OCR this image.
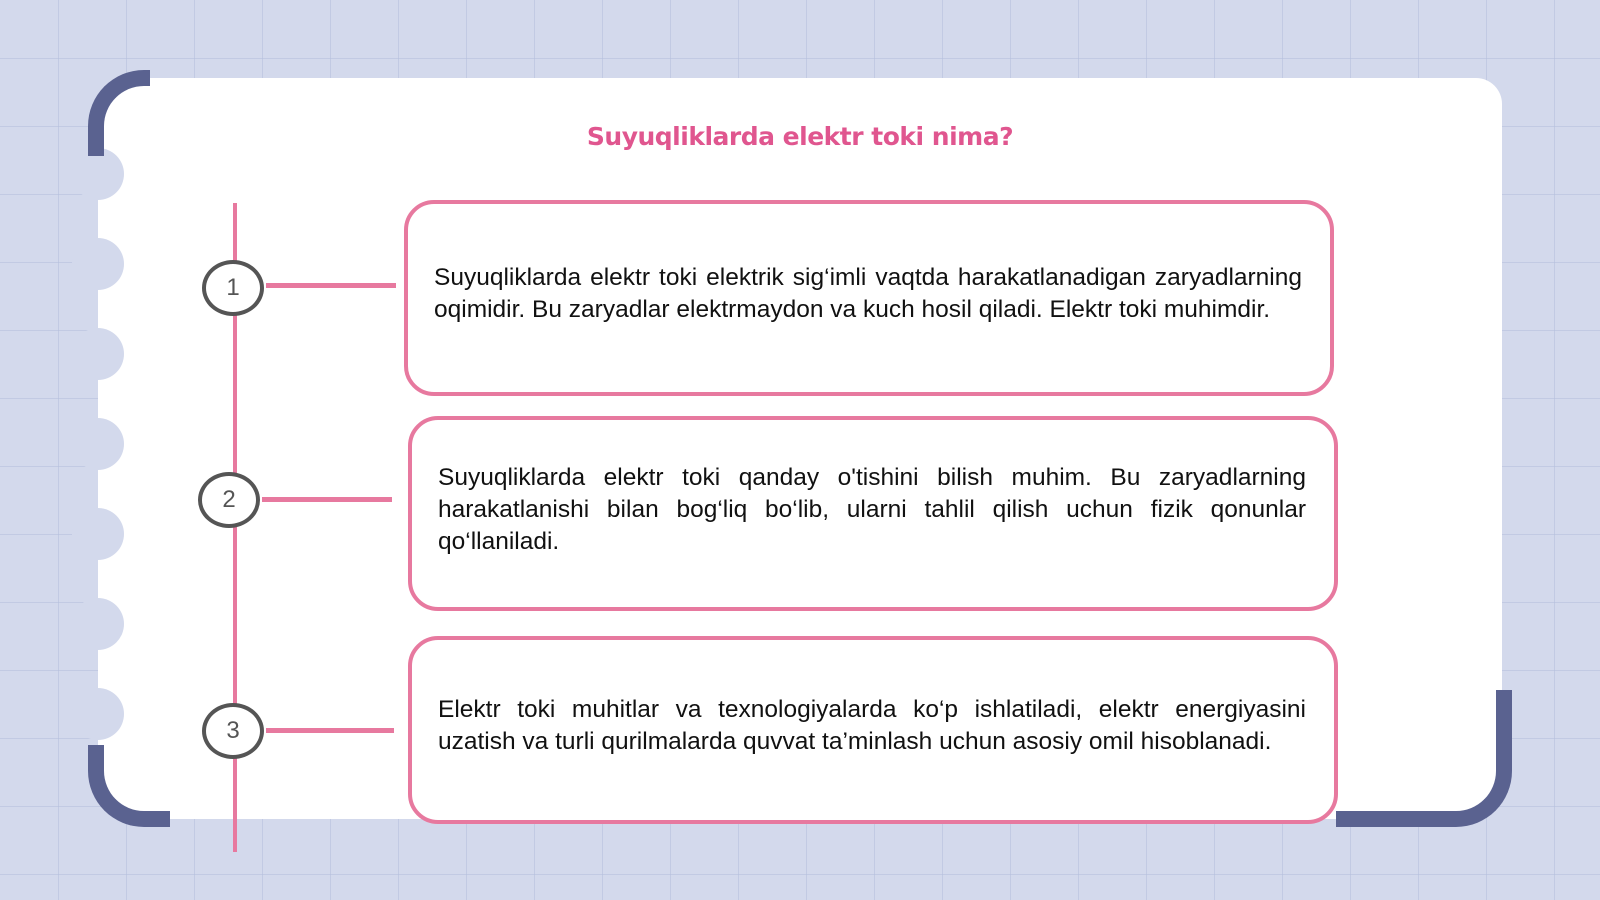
Suyuqliklarda elektr toki nima?
1	Suyuqliklarda elektr toki elektrik sig‘imli vaqtda harakatlanadigan zaryadlarning oqimidir. Bu zaryadlar elektrmaydon va kuch hosil qiladi. Elektr toki muhimdir.

2

Suyuqliklarda elektr toki qanday o'tishini bilish muhim. Bu zaryadlarning harakatlanishi bilan bog‘liq bo‘lib, ularni tahlil qilish uchun fizik qonunlar qo‘llaniladi.

3

Elektr toki muhitlar va texnologiyalarda ko‘p ishlatiladi, elektr energiyasini uzatish va turli qurilmalarda quvvat ta’minlash uchun asosiy omil hisoblanadi.
